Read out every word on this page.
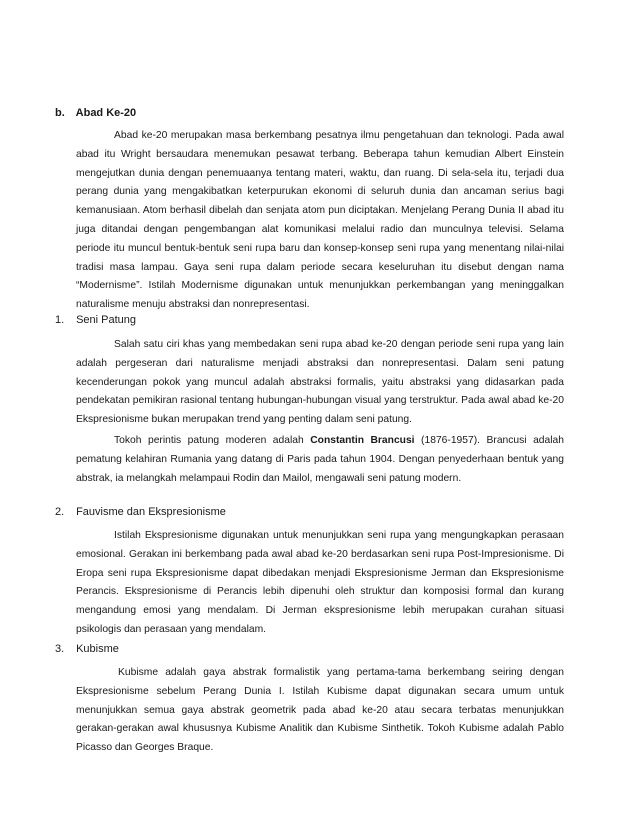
b. Abad Ke-20

Abad ke-20 merupakan masa berkembang pesatnya ilmu pengetahuan dan teknologi. Pada awal abad itu Wright bersaudara menemukan pesawat terbang. Beberapa tahun kemudian Albert Einstein mengejutkan dunia dengan penemuaanya tentang materi, waktu, dan ruang. Di sela-sela itu, terjadi dua perang dunia yang mengakibatkan keterpurukan ekonomi di seluruh dunia dan ancaman serius bagi kemanusiaan. Atom berhasil dibelah dan senjata atom pun diciptakan. Menjelang Perang Dunia II abad itu juga ditandai dengan pengembangan alat komunikasi melalui radio dan munculnya televisi. Selama periode itu muncul bentuk-bentuk seni rupa baru dan konsep-konsep seni rupa yang menentang nilai-nilai tradisi masa lampau. Gaya seni rupa dalam periode secara keseluruhan itu disebut dengan nama “Modernisme”. Istilah Modernisme digunakan untuk menunjukkan perkembangan yang meninggalkan naturalisme menuju abstraksi dan nonrepresentasi.

1. Seni Patung

Salah satu ciri khas yang membedakan seni rupa abad ke-20 dengan periode seni rupa yang lain adalah pergeseran dari naturalisme menjadi abstraksi dan nonrepresentasi. Dalam seni patung kecenderungan pokok yang muncul adalah abstraksi formalis, yaitu abstraksi yang didasarkan pada pendekatan pemikiran rasional tentang hubungan-hubungan visual yang terstruktur. Pada awal abad ke-20 Ekspresionisme bukan merupakan trend yang penting dalam seni patung.

Tokoh perintis patung moderen adalah Constantin Brancusi (1876-1957). Brancusi adalah pematung kelahiran Rumania yang datang di Paris pada tahun 1904. Dengan penyederhaan bentuk yang abstrak, ia melangkah melampaui Rodin dan Mailol, mengawali seni patung modern.

2. Fauvisme dan Ekspresionisme

Istilah Ekspresionisme digunakan untuk menunjukkan seni rupa yang mengungkapkan perasaan emosional. Gerakan ini berkembang pada awal abad ke-20 berdasarkan seni rupa Post-Impresionisme. Di Eropa seni rupa Ekspresionisme dapat dibedakan menjadi Ekspresionisme Jerman dan Ekspresionisme Perancis. Ekspresionisme di Perancis lebih dipenuhi oleh struktur dan komposisi formal dan kurang mengandung emosi yang mendalam. Di Jerman ekspresionisme lebih merupakan curahan situasi psikologis dan perasaan yang mendalam.

3. Kubisme

Kubisme adalah gaya abstrak formalistik yang pertama-tama berkembang seiring dengan Ekspresionisme sebelum Perang Dunia I. Istilah Kubisme dapat digunakan secara umum untuk menunjukkan semua gaya abstrak geometrik pada abad ke-20 atau secara terbatas menunjukkan gerakan-gerakan awal khususnya Kubisme Analitik dan Kubisme Sinthetik. Tokoh Kubisme adalah Pablo Picasso dan Georges Braque.
